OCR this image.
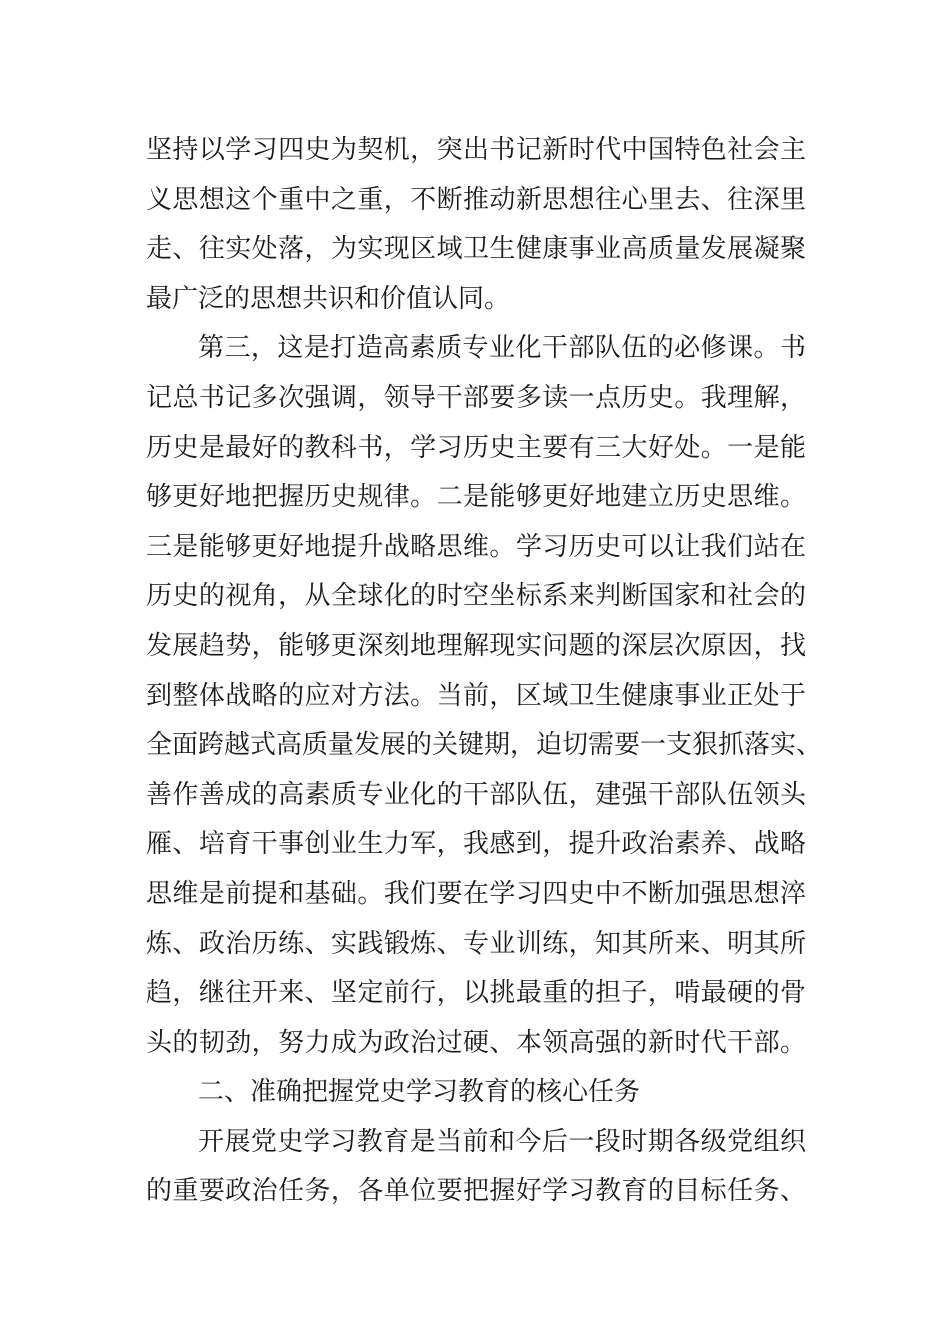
坚持以学习四史为契机，突出书记新时代中国特色社会主
义思想这个重中之重，不断推动新思想往心里去、往深里
走、往实处落，为实现区域卫生健康事业高质量发展凝聚
最广泛的思想共识和价值认同。
第三，这是打造高素质专业化干部队伍的必修课。书
记总书记多次强调，领导干部要多读一点历史。我理解，
历史是最好的教科书，学习历史主要有三大好处。一是能
够更好地把握历史规律。二是能够更好地建立历史思维。
三是能够更好地提升战略思维。学习历史可以让我们站在
历史的视角，从全球化的时空坐标系来判断国家和社会的
发展趋势，能够更深刻地理解现实问题的深层次原因，找
到整体战略的应对方法。当前，区域卫生健康事业正处于
全面跨越式高质量发展的关键期，迫切需要一支狠抓落实、
善作善成的高素质专业化的干部队伍，建强干部队伍领头
雁、培育干事创业生力军，我感到，提升政治素养、战略
思维是前提和基础。我们要在学习四史中不断加强思想淬
炼、政治历练、实践锻炼、专业训练，知其所来、明其所
趋，继往开来、坚定前行，以挑最重的担子，啃最硬的骨
头的韧劲，努力成为政治过硬、本领高强的新时代干部。
二、准确把握党史学习教育的核心任务
开展党史学习教育是当前和今后一段时期各级党组织
的重要政治任务，各单位要把握好学习教育的目标任务、
